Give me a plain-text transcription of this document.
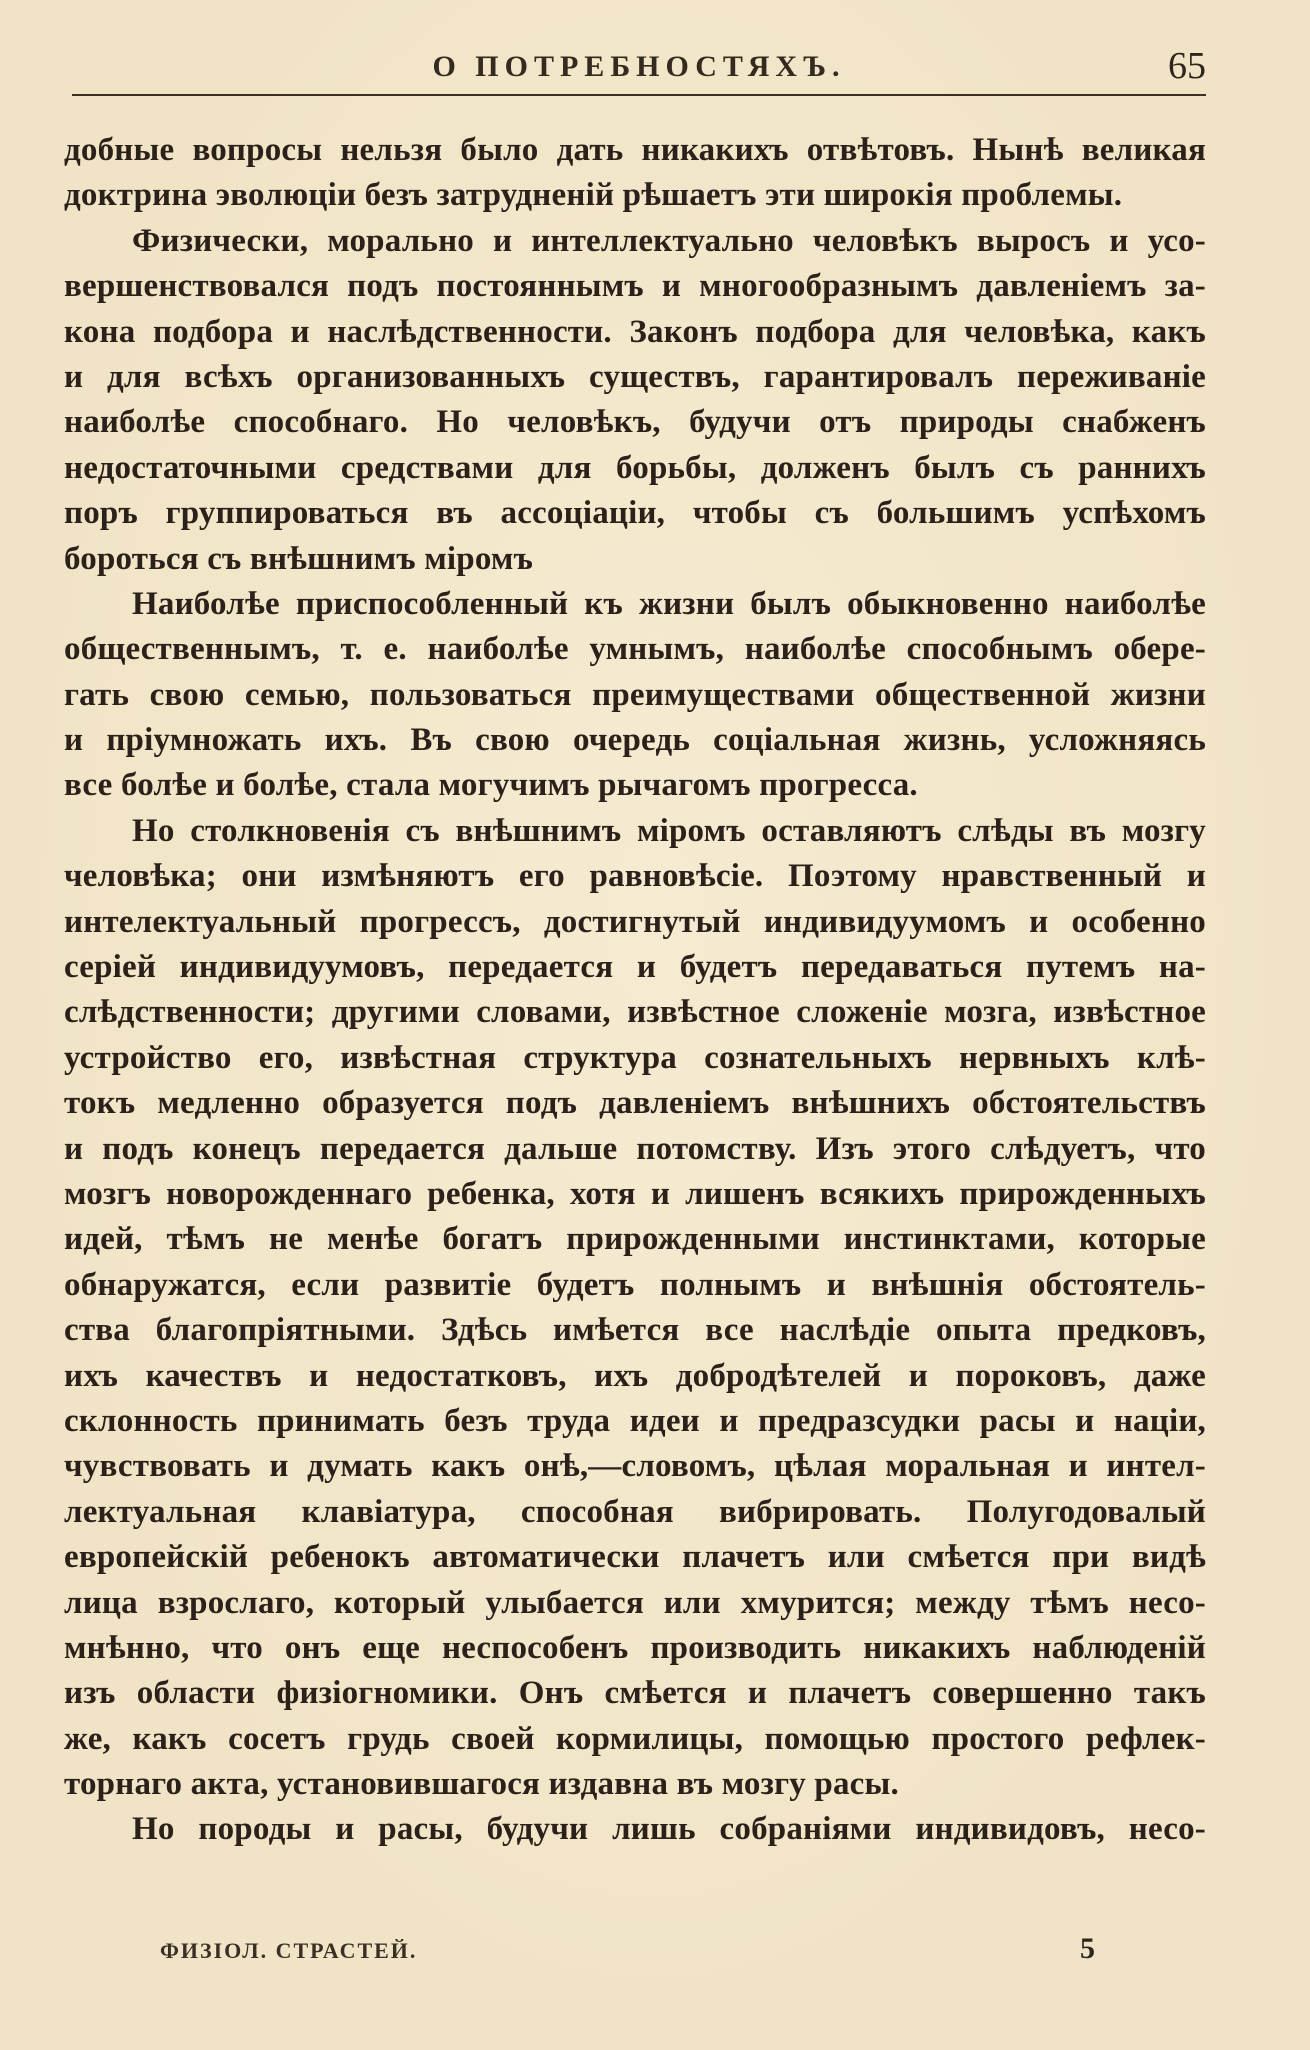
О ПОТРЕБНОСТЯХЪ.	65
добные вопросы нельзя было дать никакихъ отвѣтовъ. Нынѣ великая
доктрина эволюціи безъ затрудненій рѣшаетъ эти широкія проблемы.
Физически, морально и интеллектуально человѣкъ выросъ и усо-
вершенствовался подъ постояннымъ и многообразнымъ давленіемъ за-
кона подбора и наслѣдственности. Законъ подбора для человѣка, какъ
и для всѣхъ организованныхъ существъ, гарантировалъ переживаніе
наиболѣе способнаго. Но человѣкъ, будучи отъ природы снабженъ
недостаточными средствами для борьбы, долженъ былъ съ раннихъ
поръ группироваться въ ассоціаціи, чтобы съ большимъ успѣхомъ
бороться съ внѣшнимъ міромъ
Наиболѣе приспособленный къ жизни былъ обыкновенно наиболѣе
общественнымъ, т. е. наиболѣе умнымъ, наиболѣе способнымъ обере-
гать свою семью, пользоваться преимуществами общественной жизни
и пріумножать ихъ. Въ свою очередь соціальная жизнь, усложняясь
все болѣе и болѣе, стала могучимъ рычагомъ прогресса.
Но столкновенія съ внѣшнимъ міромъ оставляютъ слѣды въ мозгу
человѣка; они измѣняютъ его равновѣсіе. Поэтому нравственный и
интелектуальный прогрессъ, достигнутый индивидуумомъ и особенно
серіей индивидуумовъ, передается и будетъ передаваться путемъ на-
слѣдственности; другими словами, извѣстное сложеніе мозга, извѣстное
устройство его, извѣстная структура сознательныхъ нервныхъ клѣ-
токъ медленно образуется подъ давленіемъ внѣшнихъ обстоятельствъ
и подъ конецъ передается дальше потомству. Изъ этого слѣдуетъ, что
мозгъ новорожденнаго ребенка, хотя и лишенъ всякихъ прирожденныхъ
идей, тѣмъ не менѣе богатъ прирожденными инстинктами, которые
обнаружатся, если развитіе будетъ полнымъ и внѣшнія обстоятель-
ства благопріятными. Здѣсь имѣется все наслѣдіе опыта предковъ,
ихъ качествъ и недостатковъ, ихъ добродѣтелей и пороковъ, даже
склонность принимать безъ труда идеи и предразсудки расы и націи,
чувствовать и думать какъ онѣ,—словомъ, цѣлая моральная и интел-
лектуальная клавіатура, способная вибрировать. Полугодовалый
европейскій ребенокъ автоматически плачетъ или смѣется при видѣ
лица взрослаго, который улыбается или хмурится; между тѣмъ несо-
мнѣнно, что онъ еще неспособенъ производить никакихъ наблюденій
изъ области физіогномики. Онъ смѣется и плачетъ совершенно такъ
же, какъ сосетъ грудь своей кормилицы, помощью простого рефлек-
торнаго акта, установившагося издавна въ мозгу расы.
Но породы и расы, будучи лишь собраніями индивидовъ, несо-
ФИЗІОЛ. СТРАСТЕЙ.	5
